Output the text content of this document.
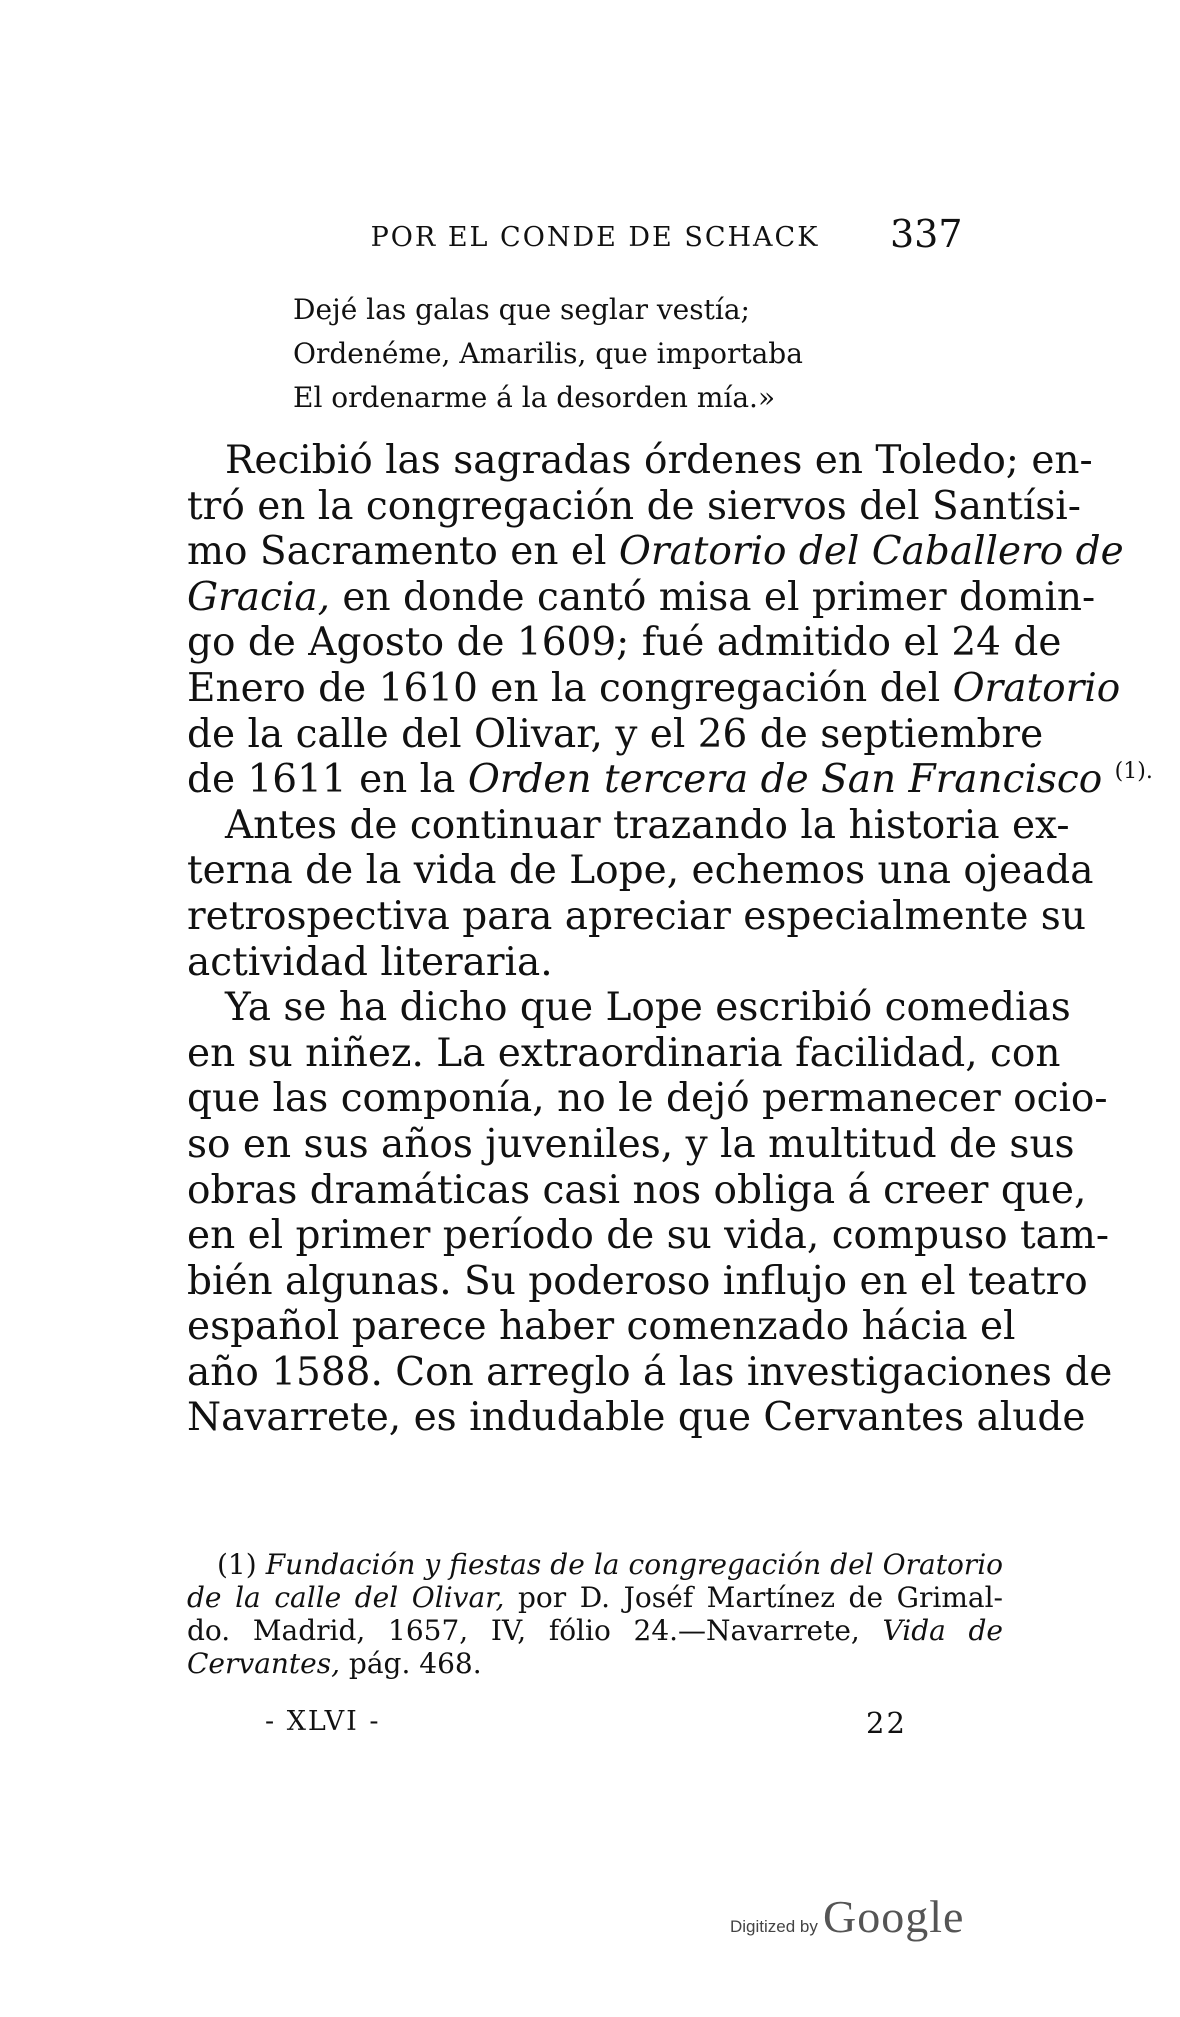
POR EL CONDE DE SCHACK 337
Dejé las galas que seglar vestía;
Ordenéme, Amarilis, que importaba
El ordenarme á la desorden mía.»
Recibió las sagradas órdenes en Toledo; en-
tró en la congregación de siervos del Santísi-
mo Sacramento en el Oratorio del Caballero de
Gracia, en donde cantó misa el primer domin-
go de Agosto de 1609; fué admitido el 24 de
Enero de 1610 en la congregación del Oratorio
de la calle del Olivar, y el 26 de septiembre
de 1611 en la Orden tercera de San Francisco $^{(1).}$
Antes de continuar trazando la historia ex-
terna de la vida de Lope, echemos una ojeada
retrospectiva para apreciar especialmente su
actividad literaria.
Ya se ha dicho que Lope escribió comedias
en su niñez. La extraordinaria facilidad, con
que las componía, no le dejó permanecer ocio-
so en sus años juveniles, y la multitud de sus
obras dramáticas casi nos obliga á creer que,
en el primer período de su vida, compuso tam-
bién algunas. Su poderoso influjo en el teatro
español parece haber comenzado hácia el
año 1588. Con arreglo á las investigaciones de
Navarrete, es indudable que Cervantes alude
(1) Fundación y fiestas de la congregación del Oratorio
de la calle del Olivar, por D. Joséf Martínez de Grimal-
do. Madrid, 1657, IV, fólio 24.—Navarrete, Vida de
Cervantes, pág. 468.
- XLVI -	22
Digitized by Google
